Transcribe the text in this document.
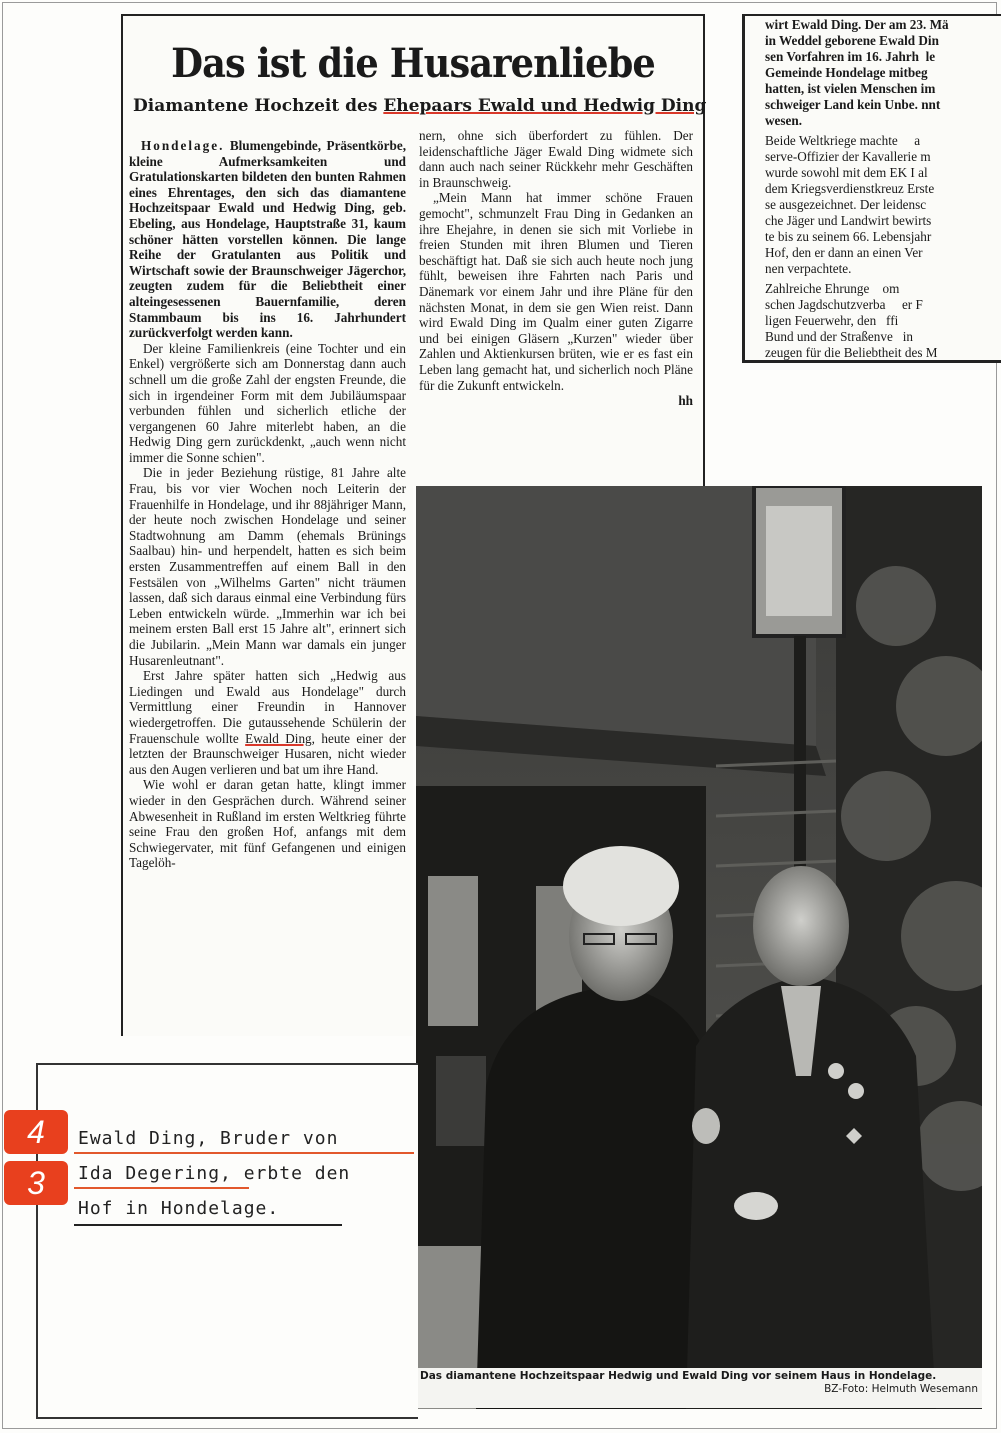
Das ist die Husarenliebe
Diamantene Hochzeit des Ehepaars Ewald und Hedwig Ding

Hondelage. Blumengebinde, Präsentkörbe, kleine Aufmerksamkeiten und Gratulationskarten bildeten den bunten Rahmen eines Ehrentages, den sich das diamantene Hochzeitspaar Ewald und Hedwig Ding, geb. Ebeling, aus Hondelage, Hauptstraße 31, kaum schöner hätten vorstellen können. Die lange Reihe der Gratulanten aus Politik und Wirtschaft sowie der Braunschweiger Jägerchor, zeugten zudem für die Beliebtheit einer alteingesessenen Bauernfamilie, deren Stammbaum bis ins 16. Jahrhundert zurückverfolgt werden kann.

Der kleine Familienkreis (eine Tochter und ein Enkel) vergrößerte sich am Donnerstag dann auch schnell um die große Zahl der engsten Freunde, die sich in irgendeiner Form mit dem Jubiläumspaar verbunden fühlen und sicherlich etliche der vergangenen 60 Jahre miterlebt haben, an die Hedwig Ding gern zurückdenkt, „auch wenn nicht immer die Sonne schien".

Die in jeder Beziehung rüstige, 81 Jahre alte Frau, bis vor vier Wochen noch Leiterin der Frauenhilfe in Hondelage, und ihr 88jähriger Mann, der heute noch zwischen Hondelage und seiner Stadtwohnung am Damm (ehemals Brünings Saalbau) hin- und herpendelt, hatten es sich beim ersten Zusammentreffen auf einem Ball in den Festsälen von „Wilhelms Garten" nicht träumen lassen, daß sich daraus einmal eine Verbindung fürs Leben entwickeln würde. „Immerhin war ich bei meinem ersten Ball erst 15 Jahre alt", erinnert sich die Jubilarin. „Mein Mann war damals ein junger Husarenleutnant".

Erst Jahre später hatten sich „Hedwig aus Liedingen und Ewald aus Hondelage" durch Vermittlung einer Freundin in Hannover wiedergetroffen. Die gutaussehende Schülerin der Frauenschule wollte Ewald Ding, heute einer der letzten der Braunschweiger Husaren, nicht wieder aus den Augen verlieren und bat um ihre Hand.

Wie wohl er daran getan hatte, klingt immer wieder in den Gesprächen durch. Während seiner Abwesenheit in Rußland im ersten Weltkrieg führte seine Frau den großen Hof, anfangs mit dem Schwiegervater, mit fünf Gefangenen und einigen Tagelöh-

nern, ohne sich überfordert zu fühlen. Der leidenschaftliche Jäger Ewald Ding widmete sich dann auch nach seiner Rückkehr mehr Geschäften in Braunschweig.

„Mein Mann hat immer schöne Frauen gemocht", schmunzelt Frau Ding in Gedanken an ihre Ehejahre, in denen sie sich mit Vorliebe in freien Stunden mit ihren Blumen und Tieren beschäftigt hat. Daß sie sich auch heute noch jung fühlt, beweisen ihre Fahrten nach Paris und Dänemark vor einem Jahr und ihre Pläne für den nächsten Monat, in dem sie gen Wien reist. Dann wird Ewald Ding im Qualm einer guten Zigarre und bei einigen Gläsern „Kurzen" wieder über Zahlen und Aktienkursen brüten, wie er es fast ein Leben lang gemacht hat, und sicherlich noch Pläne für die Zukunft entwickeln.

hh
wirt Ewald Ding. Der am 23. Mä
in Weddel geborene Ewald Din
sen Vorfahren im 16. Jahrh  le
Gemeinde Hondelage mitbeg
hatten, ist vielen Menschen im
schweiger Land kein Unbe. nnt
wesen.
Beide Weltkriege machte     a
serve-Offizier der Kavallerie m
wurde sowohl mit dem EK I al
dem Kriegsverdienstkreuz Erste
se ausgezeichnet. Der leidensc
che Jäger und Landwirt bewirts
te bis zu seinem 66. Lebensjahr
Hof, den er dann an einen Ver
nen verpachtete.
Zahlreiche Ehrunge    om
schen Jagdschutzverba     er F
ligen Feuerwehr, den   ffi
Bund und der Straßenve   in
zeugen für die Beliebtheit des M
Das diamantene Hochzeitspaar Hedwig und Ewald Ding vor seinem Haus in Hondelage.
BZ-Foto: Helmuth Wesemann
4
3
Ewald Ding, Bruder von
Ida Degering, erbte den
Hof in Hondelage.
